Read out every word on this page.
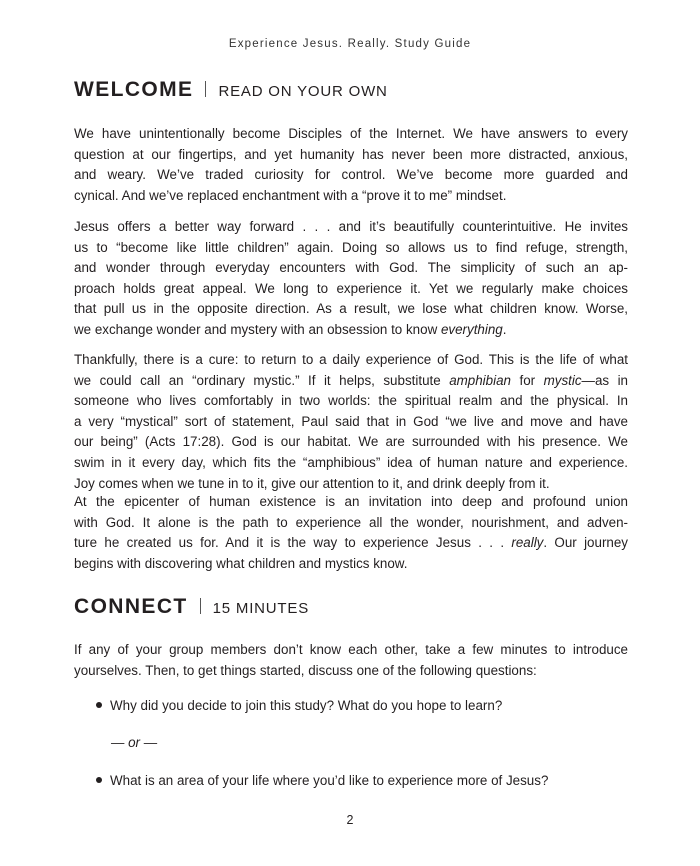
Experience Jesus. Really. Study Guide
WELCOME READ ON YOUR OWN

We have unintentionally become Disciples of the Internet. We have answers to every
question at our fingertips, and yet humanity has never been more distracted, anxious,
and weary. We’ve traded curiosity for control. We’ve become more guarded and
cynical. And we’ve replaced enchantment with a “prove it to me” mindset.

Jesus offers a better way forward . . . and it’s beautifully counterintuitive. He invites
us to “become like little children” again. Doing so allows us to find refuge, strength,
and wonder through everyday encounters with God. The simplicity of such an ap-
proach holds great appeal. We long to experience it. Yet we regularly make choices
that pull us in the opposite direction. As a result, we lose what children know. Worse,
we exchange wonder and mystery with an obsession to know everything.

Thankfully, there is a cure: to return to a daily experience of God. This is the life of what
we could call an “ordinary mystic.” If it helps, substitute amphibian for mystic—as in
someone who lives comfortably in two worlds: the spiritual realm and the physical. In
a very “mystical” sort of statement, Paul said that in God “we live and move and have
our being” (Acts 17:28). God is our habitat. We are surrounded with his presence. We
swim in it every day, which fits the “amphibious” idea of human nature and experience.
Joy comes when we tune in to it, give our attention to it, and drink deeply from it.

At the epicenter of human existence is an invitation into deep and profound union
with God. It alone is the path to experience all the wonder, nourishment, and adven-
ture he created us for. And it is the way to experience Jesus . . . really. Our journey
begins with discovering what children and mystics know.

CONNECT 15 MINUTES

If any of your group members don’t know each other, take a few minutes to introduce
yourselves. Then, to get things started, discuss one of the following questions:

Why did you decide to join this study? What do you hope to learn?
— or —
What is an area of your life where you’d like to experience more of Jesus?
2
